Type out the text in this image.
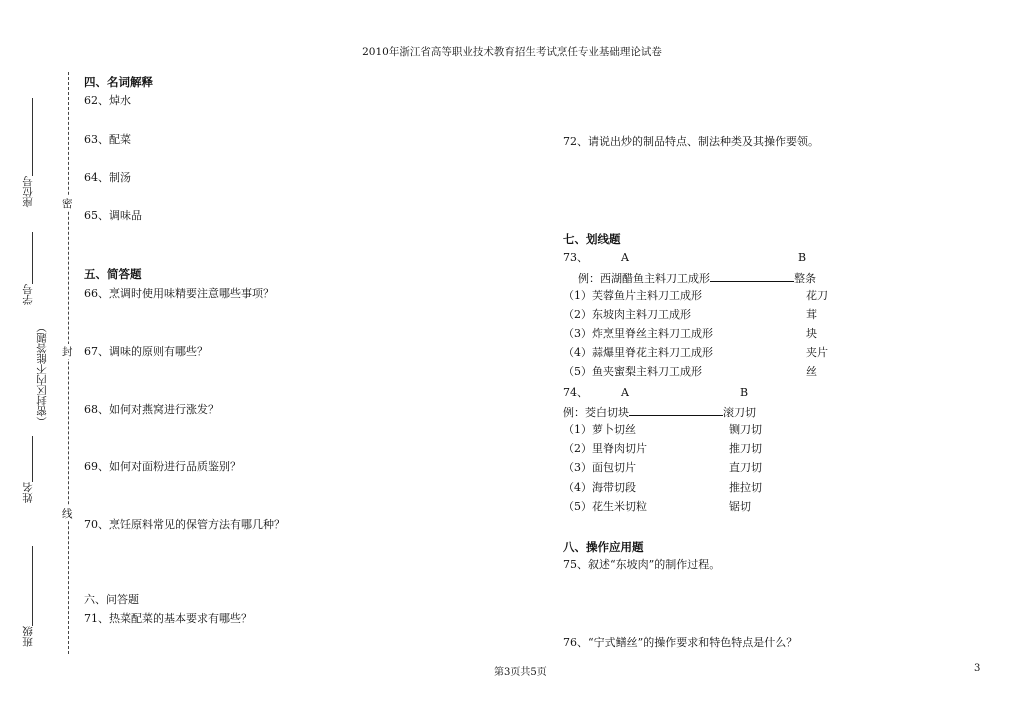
2010年浙江省高等职业技术教育招生考试烹任专业基础理论试卷
座位号
学号
（密封区内不能答题）
姓名
班级
密
封
线
四、名词解释
62、焯水
63、配菜
64、制汤
65、调味品
五、简答题
66、烹调时使用味精要注意哪些事项？
67、调味的原则有哪些？
68、如何对燕窝进行涨发？
69、如何对面粉进行品质鉴别？
70、烹饪原料常见的保管方法有哪几种？
六、问答题
71、热菜配菜的基本要求有哪些？
72、请说出炒的制品特点、制法种类及其操作要领。
七、划线题
73、	A	B
例：西湖醋鱼主料刀工成形	整条
（1）芙蓉鱼片主料刀工成形	花刀
（2）东坡肉主料刀工成形	茸
（3）炸烹里脊丝主料刀工成形	块
（4）蒜爆里脊花主料刀工成形	夹片
（5）鱼夹蜜梨主料刀工成形	丝
74、	A	B
例：茭白切块	滚刀切
（1）萝卜切丝	铡刀切
（2）里脊肉切片	推刀切
（3）面包切片	直刀切
（4）海带切段	推拉切
（5）花生米切粒	锯切
八、操作应用题
75、叙述“东坡肉”的制作过程。
76、“宁式鳝丝”的操作要求和特色特点是什么？
第3页共5页	3
